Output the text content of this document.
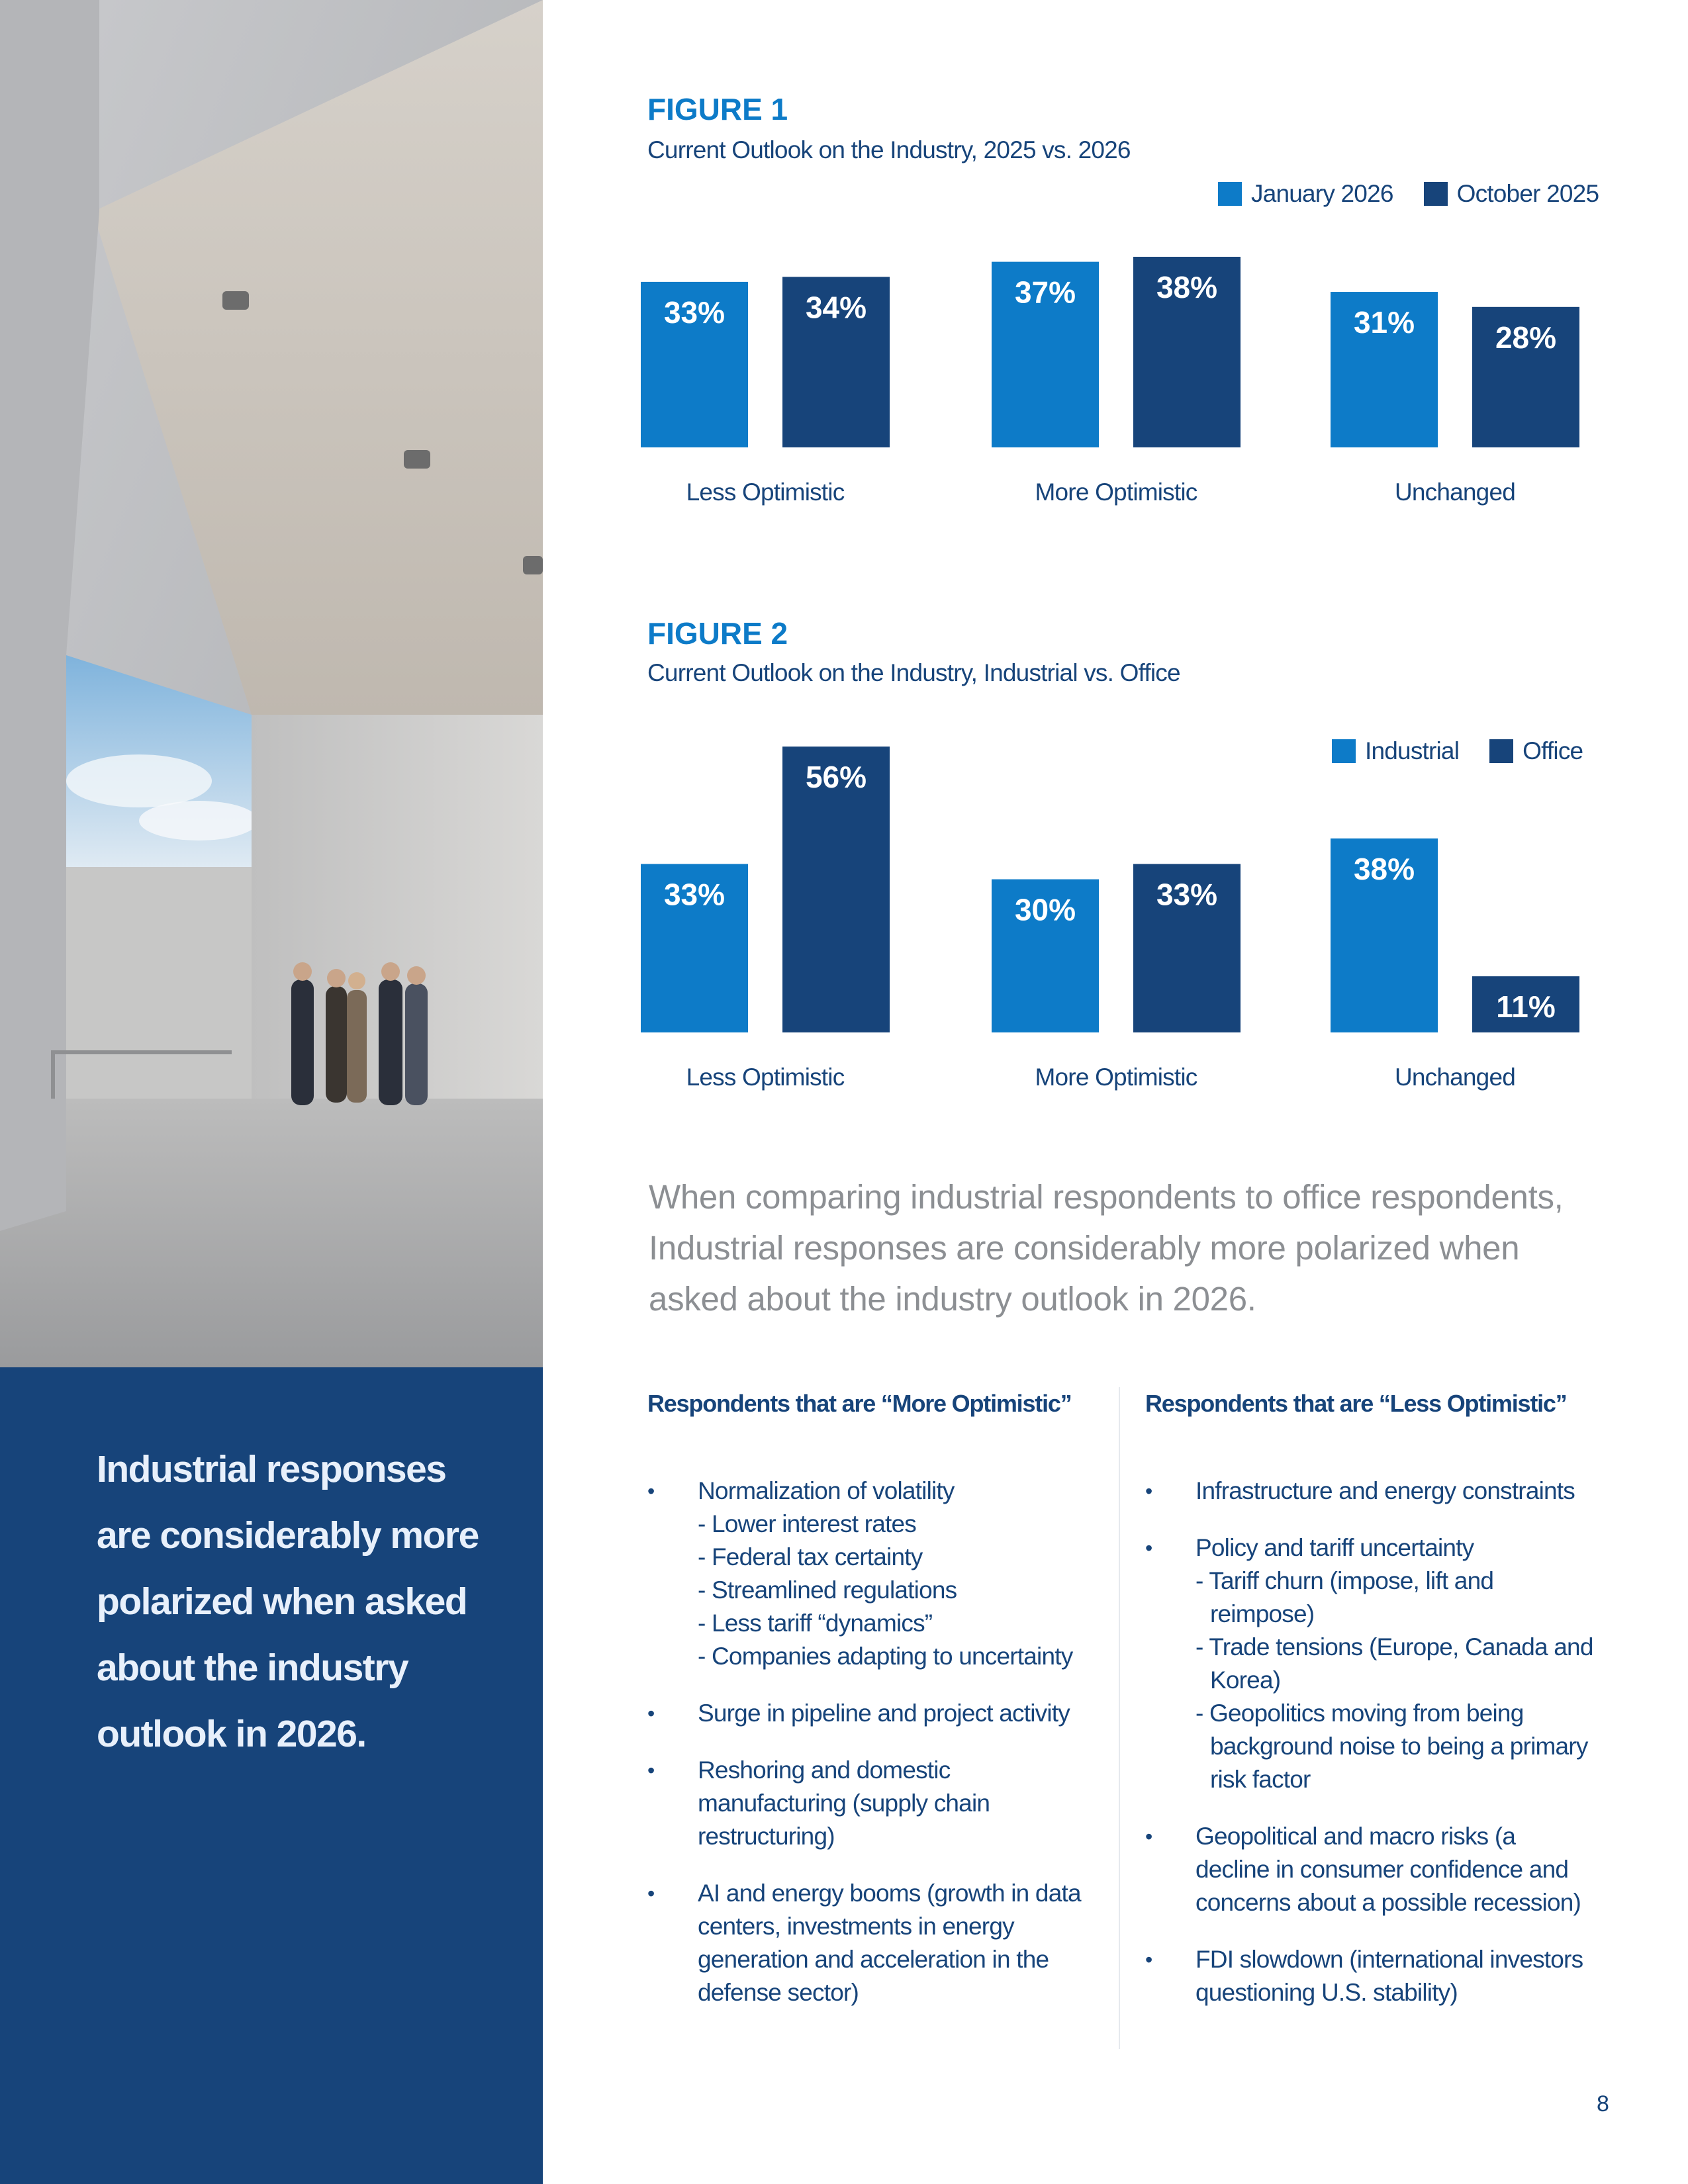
Industrial responses
are considerably more
polarized when asked
about the industry
outlook in 2026.
FIGURE 1
Current Outlook on the Industry, 2025 vs. 2026
January 2026	October 2025
33%	34%
Less Optimistic
37%	38%
More Optimistic
31%	28%
Unchanged
FIGURE 2
Current Outlook on the Industry, Industrial vs. Office
Industrial	Office
33%
56%
Less Optimistic
30%	33%
More Optimistic
38%
11%
Unchanged
When comparing industrial respondents to office respondents, Industrial responses are considerably more polarized when asked about the industry outlook in 2026.
Respondents that are “More Optimistic”	Respondents that are “Less Optimistic”
• Normalization of volatility
- Lower interest rates
- Federal tax certainty
- Streamlined regulations
- Less tariff “dynamics”
- Companies adapting to uncertainty
• Surge in pipeline and project activity
• Reshoring and domestic manufacturing (supply chain restructuring)
• AI and energy booms (growth in data centers, investments in energy generation and acceleration in the defense sector)
• Infrastructure and energy constraints
• Policy and tariff uncertainty
- Tariff churn (impose, lift and reimpose)
- Trade tensions (Europe, Canada and Korea)
- Geopolitics moving from being background noise to being a primary risk factor
• Geopolitical and macro risks (a decline in consumer confidence and concerns about a possible recession)
• FDI slowdown (international investors questioning U.S. stability)
8
